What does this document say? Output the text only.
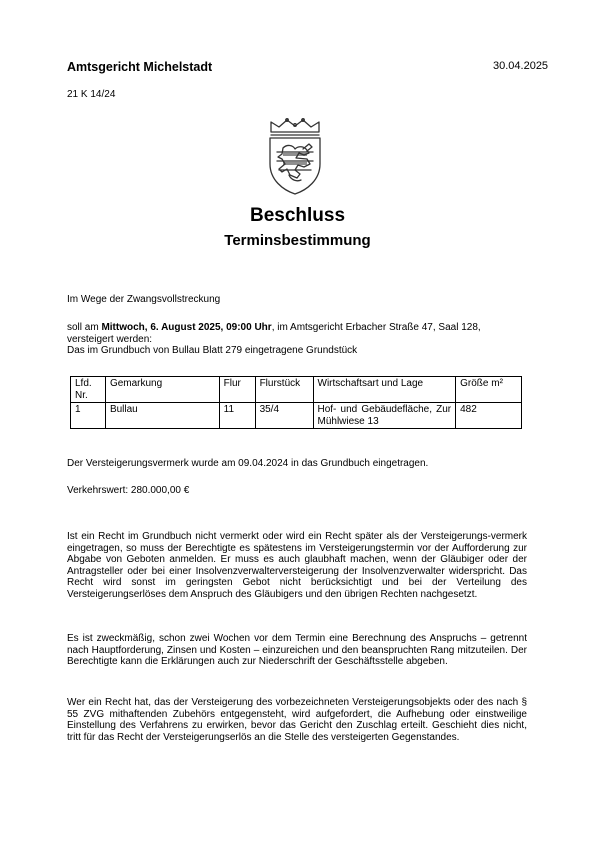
Amtsgericht Michelstadt	30.04.2025
21 K 14/24
Beschluss
Terminsbestimmung
Im Wege der Zwangsvollstreckung
soll am Mittwoch, 6. August 2025, 09:00 Uhr, im Amtsgericht Erbacher Straße 47, Saal 128, versteigert werden:
Das im Grundbuch von Bullau Blatt 279 eingetragene Grundstück
Lfd. Nr.	Gemarkung	Flur	Flurstück	Wirtschaftsart und Lage	Größe m²
1	Bullau	11	35/4	Hof- und Gebäudefläche, Zur Mühlwiese 13	482
Der Versteigerungsvermerk wurde am 09.04.2024 in das Grundbuch eingetragen.
Verkehrswert: 280.000,00 €
Ist ein Recht im Grundbuch nicht vermerkt oder wird ein Recht später als der Versteigerungs-vermerk eingetragen, so muss der Berechtigte es spätestens im Versteigerungstermin vor der Aufforderung zur Abgabe von Geboten anmelden. Er muss es auch glaubhaft machen, wenn der Gläubiger oder der Antragsteller oder bei einer Insolvenzverwalterversteigerung der Insolvenzverwalter widerspricht. Das Recht wird sonst im geringsten Gebot nicht berücksichtigt und bei der Verteilung des Versteigerungserlöses dem Anspruch des Gläubigers und den übrigen Rechten nachgesetzt.
Es ist zweckmäßig, schon zwei Wochen vor dem Termin eine Berechnung des Anspruchs – getrennt nach Hauptforderung, Zinsen und Kosten – einzureichen und den beanspruchten Rang mitzuteilen. Der Berechtigte kann die Erklärungen auch zur Niederschrift der Geschäftsstelle abgeben.
Wer ein Recht hat, das der Versteigerung des vorbezeichneten Versteigerungsobjekts oder des nach § 55 ZVG mithaftenden Zubehörs entgegensteht, wird aufgefordert, die Aufhebung oder einstweilige Einstellung des Verfahrens zu erwirken, bevor das Gericht den Zuschlag erteilt. Geschieht dies nicht, tritt für das Recht der Versteigerungserlös an die Stelle des versteigerten Gegenstandes.
